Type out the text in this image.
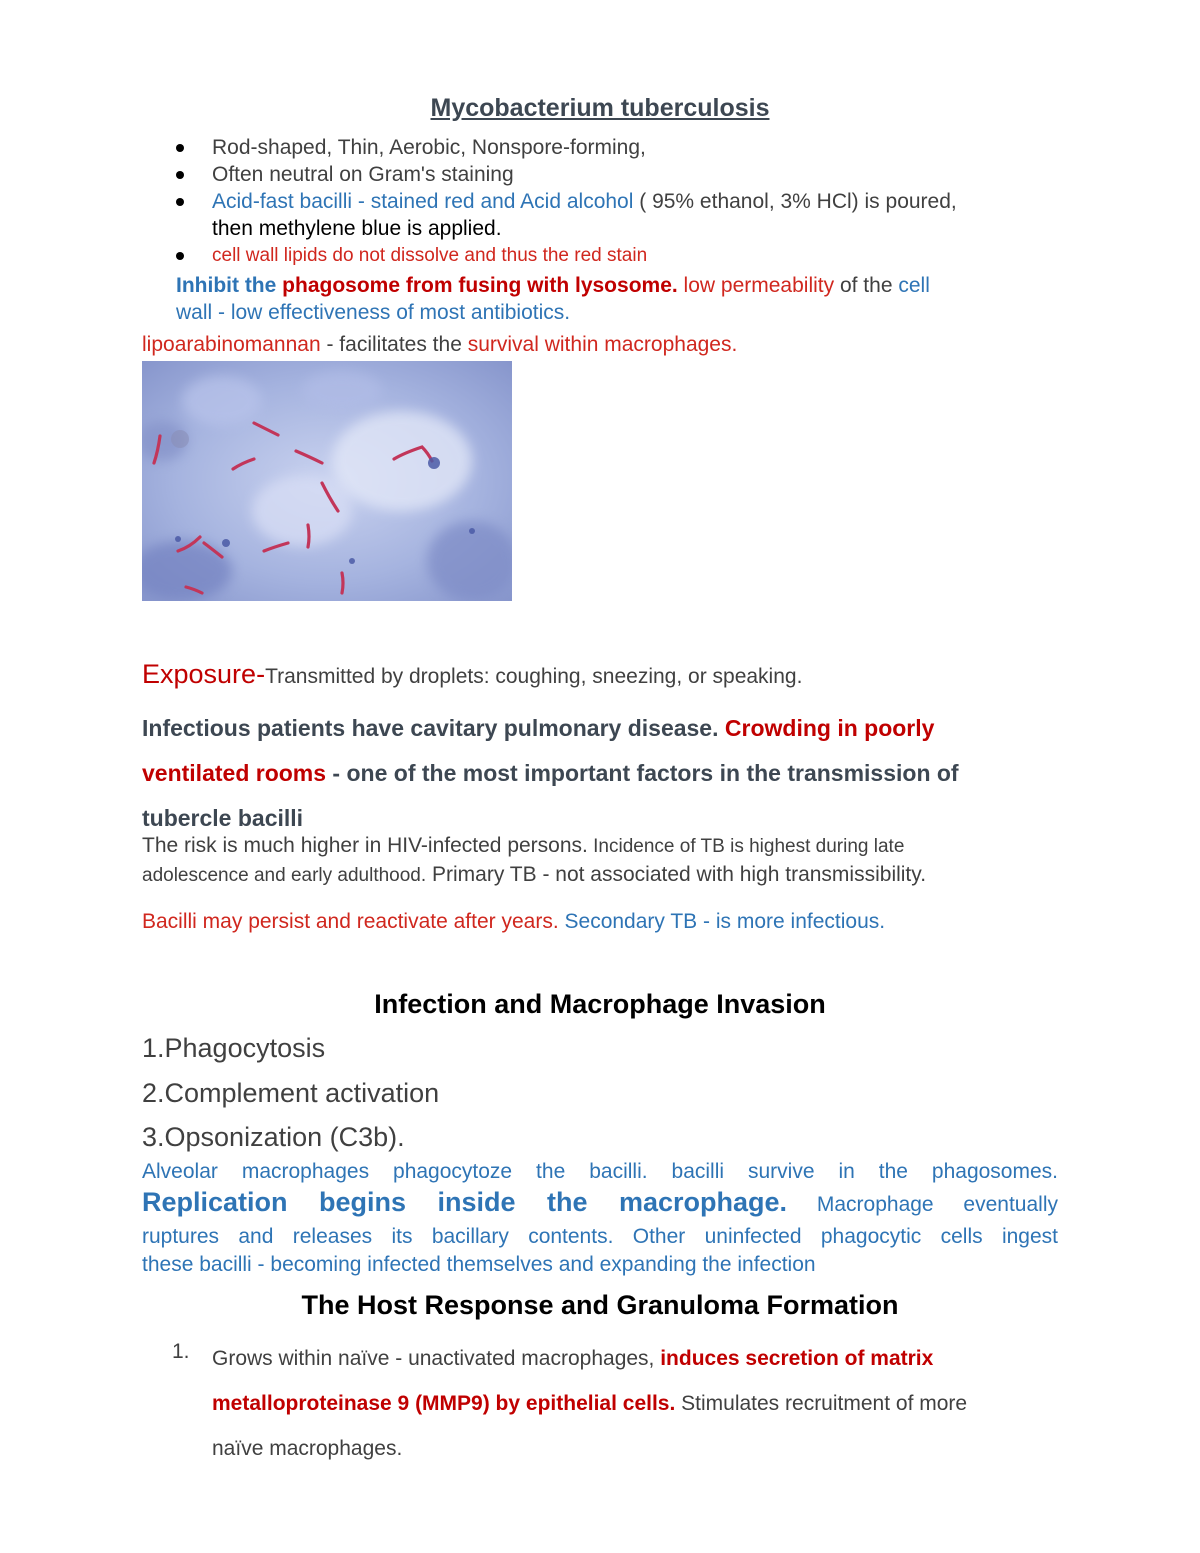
Mycobacterium tuberculosis
Rod-shaped, Thin, Aerobic, Nonspore-forming,
Often neutral on Gram's staining
Acid-fast bacilli - stained red and Acid alcohol ( 95% ethanol, 3% HCl) is poured,
then methylene blue is applied.
cell wall lipids do not dissolve and thus the red stain

Inhibit the phagosome from fusing with lysosome. low permeability of the cell
wall - low effectiveness of most antibiotics.

lipoarabinomannan - facilitates the survival within macrophages.

Exposure-Transmitted by droplets: coughing, sneezing, or speaking.

Infectious patients have cavitary pulmonary disease. Crowding in poorly
ventilated rooms - one of the most important factors in the transmission of
tubercle bacilli

The risk is much higher in HIV-infected persons. Incidence of TB is highest during late
adolescence and early adulthood. Primary TB - not associated with high transmissibility.

Bacilli may persist and reactivate after years. Secondary TB - is more infectious.

Infection and Macrophage Invasion

1.Phagocytosis

2.Complement activation

3.Opsonization (C3b).

Alveolar macrophages phagocytoze the bacilli. bacilli survive in the phagosomes.
Replication begins inside the macrophage. Macrophage eventually
ruptures and releases its bacillary contents. Other uninfected phagocytic cells ingest
these bacilli - becoming infected themselves and expanding the infection
The Host Response and Granuloma Formation
1. Grows within naïve - unactivated macrophages, induces secretion of matrix
metalloproteinase 9 (MMP9) by epithelial cells. Stimulates recruitment of more
naïve macrophages.
